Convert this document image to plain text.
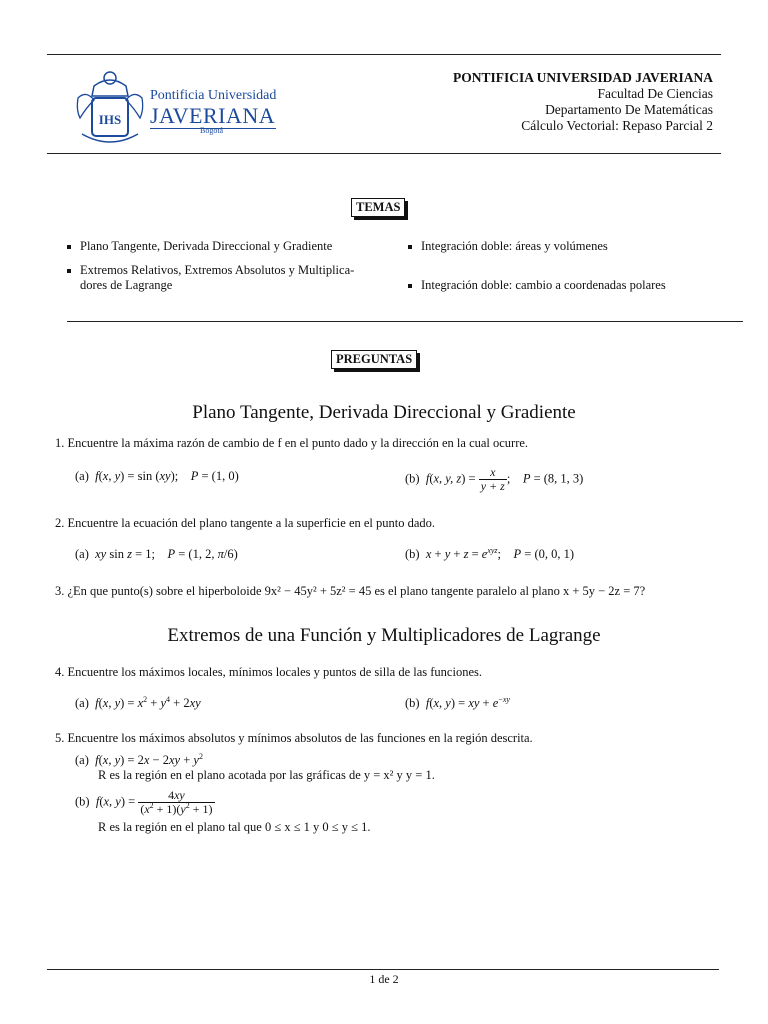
IHS
Pontificia Universidad
JAVERIANA
Bogotá
PONTIFICIA UNIVERSIDAD JAVERIANA
Facultad De Ciencias
Departamento De Matemáticas
Cálculo Vectorial: Repaso Parcial 2
TEMAS
Plano Tangente, Derivada Direccional y Gradiente	Integración doble: áreas y volúmenes
Extremos Relativos, Extremos Absolutos y Multiplica-
dores de Lagrange	Integración doble: cambio a coordenadas polares
PREGUNTAS
Plano Tangente, Derivada Direccional y Gradiente
1. Encuentre la máxima razón de cambio de f en el punto dado y la dirección en la cual ocurre.
(a)  f(x, y) = sin (xy);    P = (1, 0)	(b)  f(x, y, $z) = \frac{x}{y + z}$ ;    P = (8, 1, 3)
2. Encuentre la ecuación del plano tangente a la superficie en el punto dado.
(a)  xy sin z = 1;    P = (1, 2, π/6)	(b)  $x + y + z = e^{xyz}$;    P = (0, 0, 1)
3. ¿En que punto(s) sobre el hiperboloide 9x² − 45y² + 5z² = 45 es el plano tangente paralelo al plano x + 5y − 2z = 7?
Extremos de una Función y Multiplicadores de Lagrange
4. Encuentre los máximos locales, mínimos locales y puntos de silla de las funciones.
(a)  f(x, $y) = x^2 + y^4 + 2xy$	(b)  f(x, y) = xy + $e^{-xy}$
5. Encuentre los máximos absolutos y mínimos absolutos de las funciones en la región descrita.
(a)  f(x, $y) = 2x - 2xy + y^2$
R es la región en el plano acotada por las gráficas de y = x² y y = 1.
(b)  f(x, $y) = \frac{4xy}{(x^2 + 1)(y^2 + 1)}$
R es la región en el plano tal que 0 ≤ x ≤ 1 y 0 ≤ y ≤ 1.
1 de 2
